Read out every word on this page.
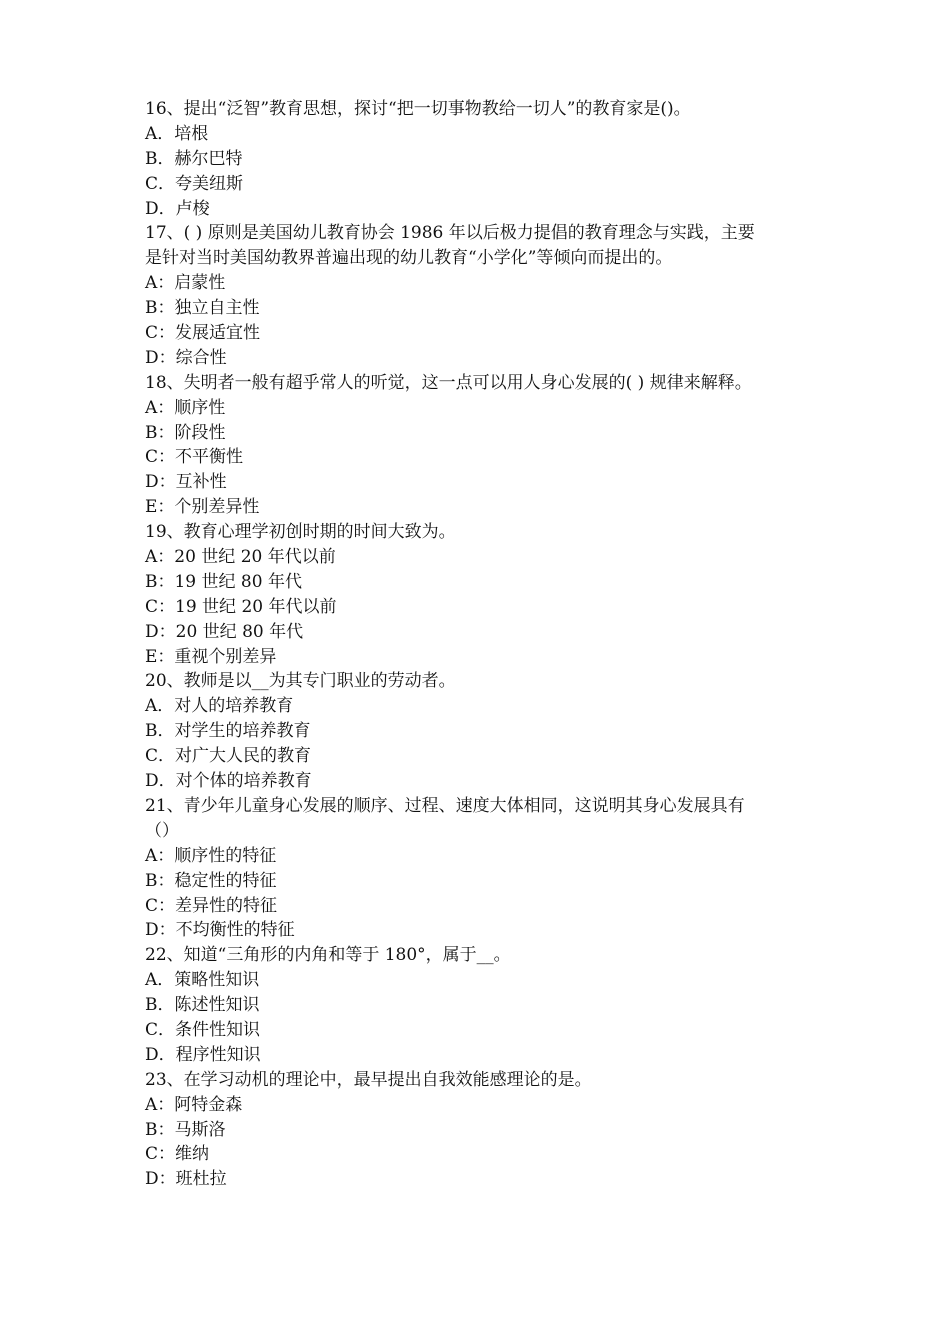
16、提出“泛智”教育思想，探讨“把一切事物教给一切人”的教育家是()。
A．培根
B．赫尔巴特
C．夸美纽斯
D．卢梭
17、( ) 原则是美国幼儿教育协会 1986 年以后极力提倡的教育理念与实践，主要
是针对当时美国幼教界普遍出现的幼儿教育“小学化”等倾向而提出的。
A：启蒙性
B：独立自主性
C：发展适宜性
D：综合性
18、失明者一般有超乎常人的听觉，这一点可以用人身心发展的( ) 规律来解释。
A：顺序性
B：阶段性
C：不平衡性
D：互补性
E：个别差异性
19、教育心理学初创时期的时间大致为。
A：20 世纪 20 年代以前
B：19 世纪 80 年代
C：19 世纪 20 年代以前
D：20 世纪 80 年代
E：重视个别差异
20、教师是以__为其专门职业的劳动者。
A．对人的培养教育
B．对学生的培养教育
C．对广大人民的教育
D．对个体的培养教育
21、青少年儿童身心发展的顺序、过程、速度大体相同，这说明其身心发展具有
（）
A：顺序性的特征
B：稳定性的特征
C：差异性的特征
D：不均衡性的特征
22、知道“三角形的内角和等于 180°，属于__。
A．策略性知识
B．陈述性知识
C．条件性知识
D．程序性知识
23、在学习动机的理论中，最早提出自我效能感理论的是。
A：阿特金森
B：马斯洛
C：维纳
D：班杜拉
